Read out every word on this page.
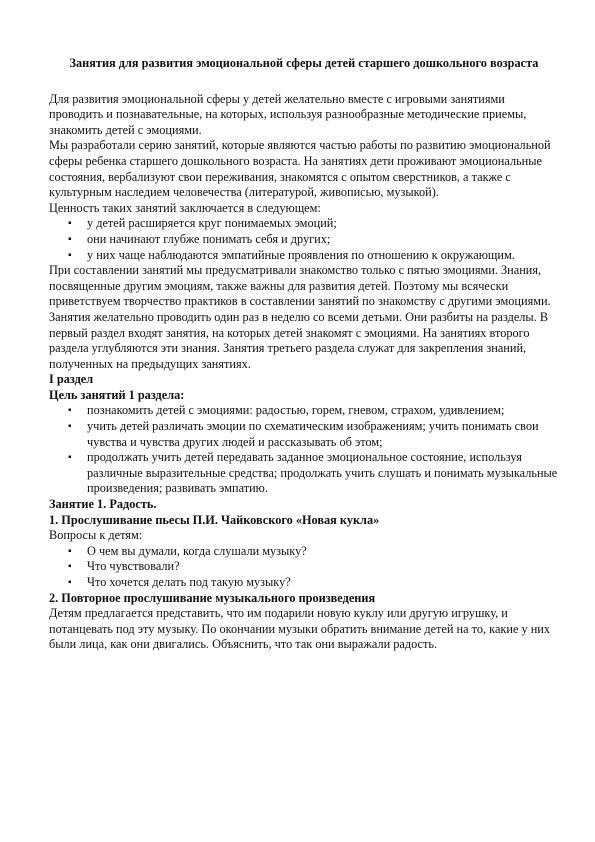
Занятия для развития эмоциональной сферы детей старшего дошкольного возраста

Для развития эмоциональной сферы у детей желательно вместе с игровыми занятиями проводить и познавательные, на которых, используя разнообразные методические приемы, знакомить детей с эмоциями.

Мы разработали серию занятий, которые являются частью работы по развитию эмоциональной сферы ребенка старшего дошкольного возраста. На занятиях дети проживают эмоциональные состояния, вербализуют свои переживания, знакомятся с опытом сверстников, а также с культурным наследием человечества (литературой, живописью, музыкой).

Ценность таких занятий заключается в следующем:

▪ у детей расширяется круг понимаемых эмоций;
▪ они начинают глубже понимать себя и других;
▪ у них чаще наблюдаются эмпатийные проявления по отношению к окружающим.

При составлении занятий мы предусматривали знакомство только с пятью эмоциями. Знания, посвященные другим эмоциям, также важны для развития детей. Поэтому мы всячески приветствуем творчество практиков в составлении занятий по знакомству с другими эмоциями.

Занятия желательно проводить один раз в неделю со всеми детьми. Они разбиты на разделы. В первый раздел входят занятия, на которых детей знакомят с эмоциями. На занятиях второго раздела углубляются эти знания. Занятия третьего раздела служат для закрепления знаний, полученных на предыдущих занятиях.

I раздел

Цель занятий 1 раздела:

▪ познакомить детей с эмоциями: радостью, горем, гневом, страхом, удивлением;
▪ учить детей различать эмоции по схематическим изображениям; учить понимать свои чувства и чувства других людей и рассказывать об этом;
▪ продолжать учить детей передавать заданное эмоциональное состояние, используя различные выразительные средства; продолжать учить слушать и понимать музыкальные произведения; развивать эмпатию.

Занятие 1. Радость.

1. Прослушивание пьесы П.И. Чайковского «Новая кукла»

Вопросы к детям:

▪ О чем вы думали, когда слушали музыку?
▪ Что чувствовали?
▪ Что хочется делать под такую музыку?

2. Повторное прослушивание музыкального произведения

Детям предлагается представить, что им подарили новую куклу или другую игрушку, и потанцевать под эту музыку. По окончании музыки обратить внимание детей на то, какие у них были лица, как они двигались. Объяснить, что так они выражали радость.
